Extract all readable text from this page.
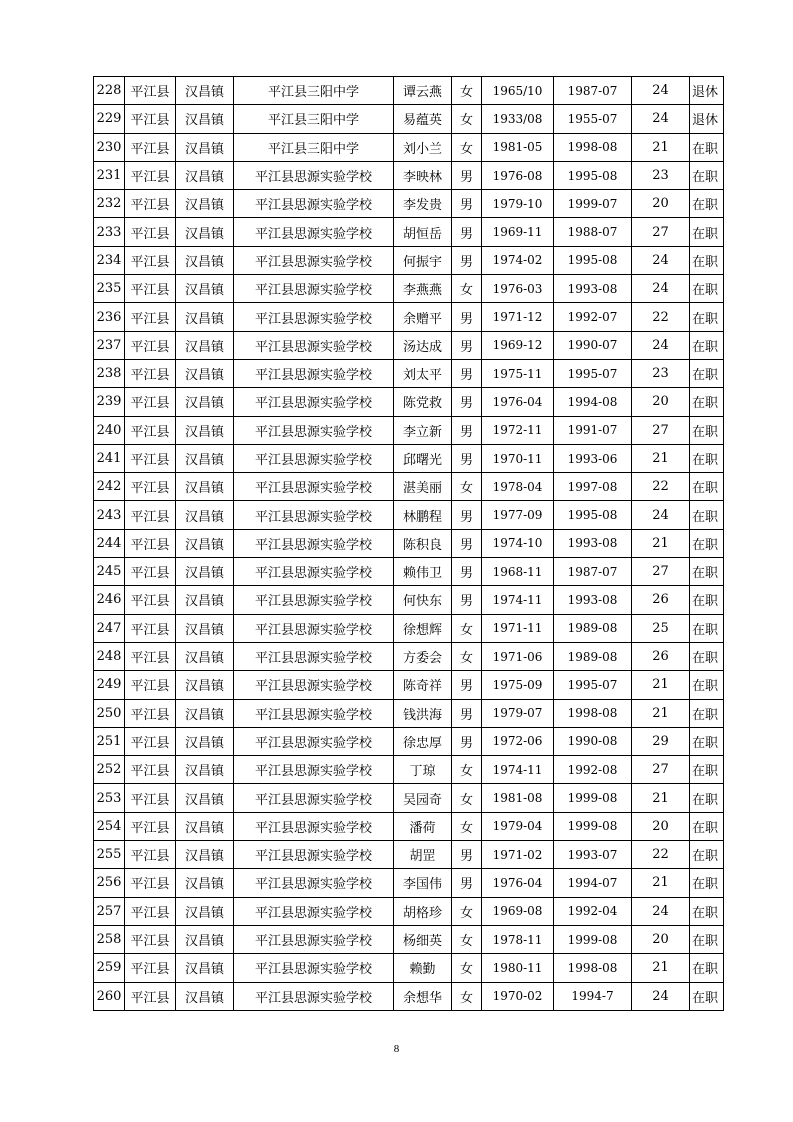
228	平江县	汉昌镇	平江县三阳中学	谭云燕	女	1965/10	1987-07	24	退休
229	平江县	汉昌镇	平江县三阳中学	易蕴英	女	1933/08	1955-07	24	退休
230	平江县	汉昌镇	平江县三阳中学	刘小兰	女	1981-05	1998-08	21	在职
231	平江县	汉昌镇	平江县思源实验学校	李映林	男	1976-08	1995-08	23	在职
232	平江县	汉昌镇	平江县思源实验学校	李发贵	男	1979-10	1999-07	20	在职
233	平江县	汉昌镇	平江县思源实验学校	胡恒岳	男	1969-11	1988-07	27	在职
234	平江县	汉昌镇	平江县思源实验学校	何振宇	男	1974-02	1995-08	24	在职
235	平江县	汉昌镇	平江县思源实验学校	李燕燕	女	1976-03	1993-08	24	在职
236	平江县	汉昌镇	平江县思源实验学校	余赠平	男	1971-12	1992-07	22	在职
237	平江县	汉昌镇	平江县思源实验学校	汤达成	男	1969-12	1990-07	24	在职
238	平江县	汉昌镇	平江县思源实验学校	刘太平	男	1975-11	1995-07	23	在职
239	平江县	汉昌镇	平江县思源实验学校	陈党救	男	1976-04	1994-08	20	在职
240	平江县	汉昌镇	平江县思源实验学校	李立新	男	1972-11	1991-07	27	在职
241	平江县	汉昌镇	平江县思源实验学校	邱曙光	男	1970-11	1993-06	21	在职
242	平江县	汉昌镇	平江县思源实验学校	湛美丽	女	1978-04	1997-08	22	在职
243	平江县	汉昌镇	平江县思源实验学校	林鹏程	男	1977-09	1995-08	24	在职
244	平江县	汉昌镇	平江县思源实验学校	陈积良	男	1974-10	1993-08	21	在职
245	平江县	汉昌镇	平江县思源实验学校	赖伟卫	男	1968-11	1987-07	27	在职
246	平江县	汉昌镇	平江县思源实验学校	何快东	男	1974-11	1993-08	26	在职
247	平江县	汉昌镇	平江县思源实验学校	徐想辉	女	1971-11	1989-08	25	在职
248	平江县	汉昌镇	平江县思源实验学校	方委会	女	1971-06	1989-08	26	在职
249	平江县	汉昌镇	平江县思源实验学校	陈奇祥	男	1975-09	1995-07	21	在职
250	平江县	汉昌镇	平江县思源实验学校	钱洪海	男	1979-07	1998-08	21	在职
251	平江县	汉昌镇	平江县思源实验学校	徐忠厚	男	1972-06	1990-08	29	在职
252	平江县	汉昌镇	平江县思源实验学校	丁琼	女	1974-11	1992-08	27	在职
253	平江县	汉昌镇	平江县思源实验学校	吴园奇	女	1981-08	1999-08	21	在职
254	平江县	汉昌镇	平江县思源实验学校	潘荷	女	1979-04	1999-08	20	在职
255	平江县	汉昌镇	平江县思源实验学校	胡罡	男	1971-02	1993-07	22	在职
256	平江县	汉昌镇	平江县思源实验学校	李国伟	男	1976-04	1994-07	21	在职
257	平江县	汉昌镇	平江县思源实验学校	胡格珍	女	1969-08	1992-04	24	在职
258	平江县	汉昌镇	平江县思源实验学校	杨细英	女	1978-11	1999-08	20	在职
259	平江县	汉昌镇	平江县思源实验学校	赖勤	女	1980-11	1998-08	21	在职
260	平江县	汉昌镇	平江县思源实验学校	余想华	女	1970-02	1994-7	24	在职
8
